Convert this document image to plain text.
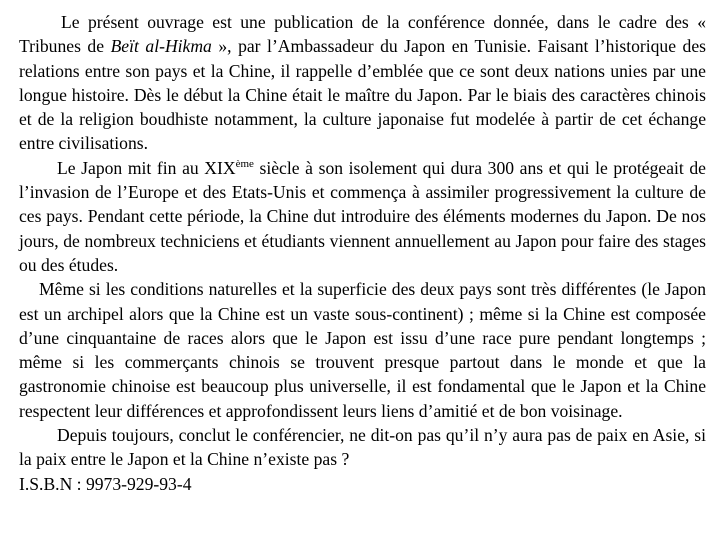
Le présent ouvrage est une publication de la conférence donnée, dans le cadre des « Tribunes de Beït al-Hikma », par l’Ambassadeur du Japon en Tunisie. Faisant l’historique des relations entre son pays et la Chine, il rappelle d’emblée que ce sont deux nations unies par une longue histoire. Dès le début la Chine était le maître du Japon. Par le biais des caractères chinois et de la religion boudhiste notamment, la culture japonaise fut modelée à partir de cet échange entre civilisations.

Le Japon mit fin au XIXème siècle à son isolement qui dura 300 ans et qui le protégeait de l’invasion de l’Europe et des Etats-Unis et commença à assimiler progressivement la culture de ces pays. Pendant cette période, la Chine dut introduire des éléments modernes du Japon. De nos jours, de nombreux techniciens et étudiants viennent annuellement au Japon pour faire des stages ou des études.

Même si les conditions naturelles et la superficie des deux pays sont très différentes (le Japon est un archipel alors que la Chine est un vaste sous-continent) ; même si la Chine est composée d’une cinquantaine de races alors que le Japon est issu d’une race pure pendant longtemps ; même si les commerçants chinois se trouvent presque partout dans le monde et que la gastronomie chinoise est beaucoup plus universelle, il est fondamental que le Japon et la Chine respectent leur différences et approfondissent leurs liens d’amitié et de bon voisinage.

Depuis toujours, conclut le conférencier, ne dit-on pas qu’il n’y aura pas de paix en Asie, si la paix entre le Japon et la Chine n’existe pas ?

I.S.B.N : 9973-929-93-4
